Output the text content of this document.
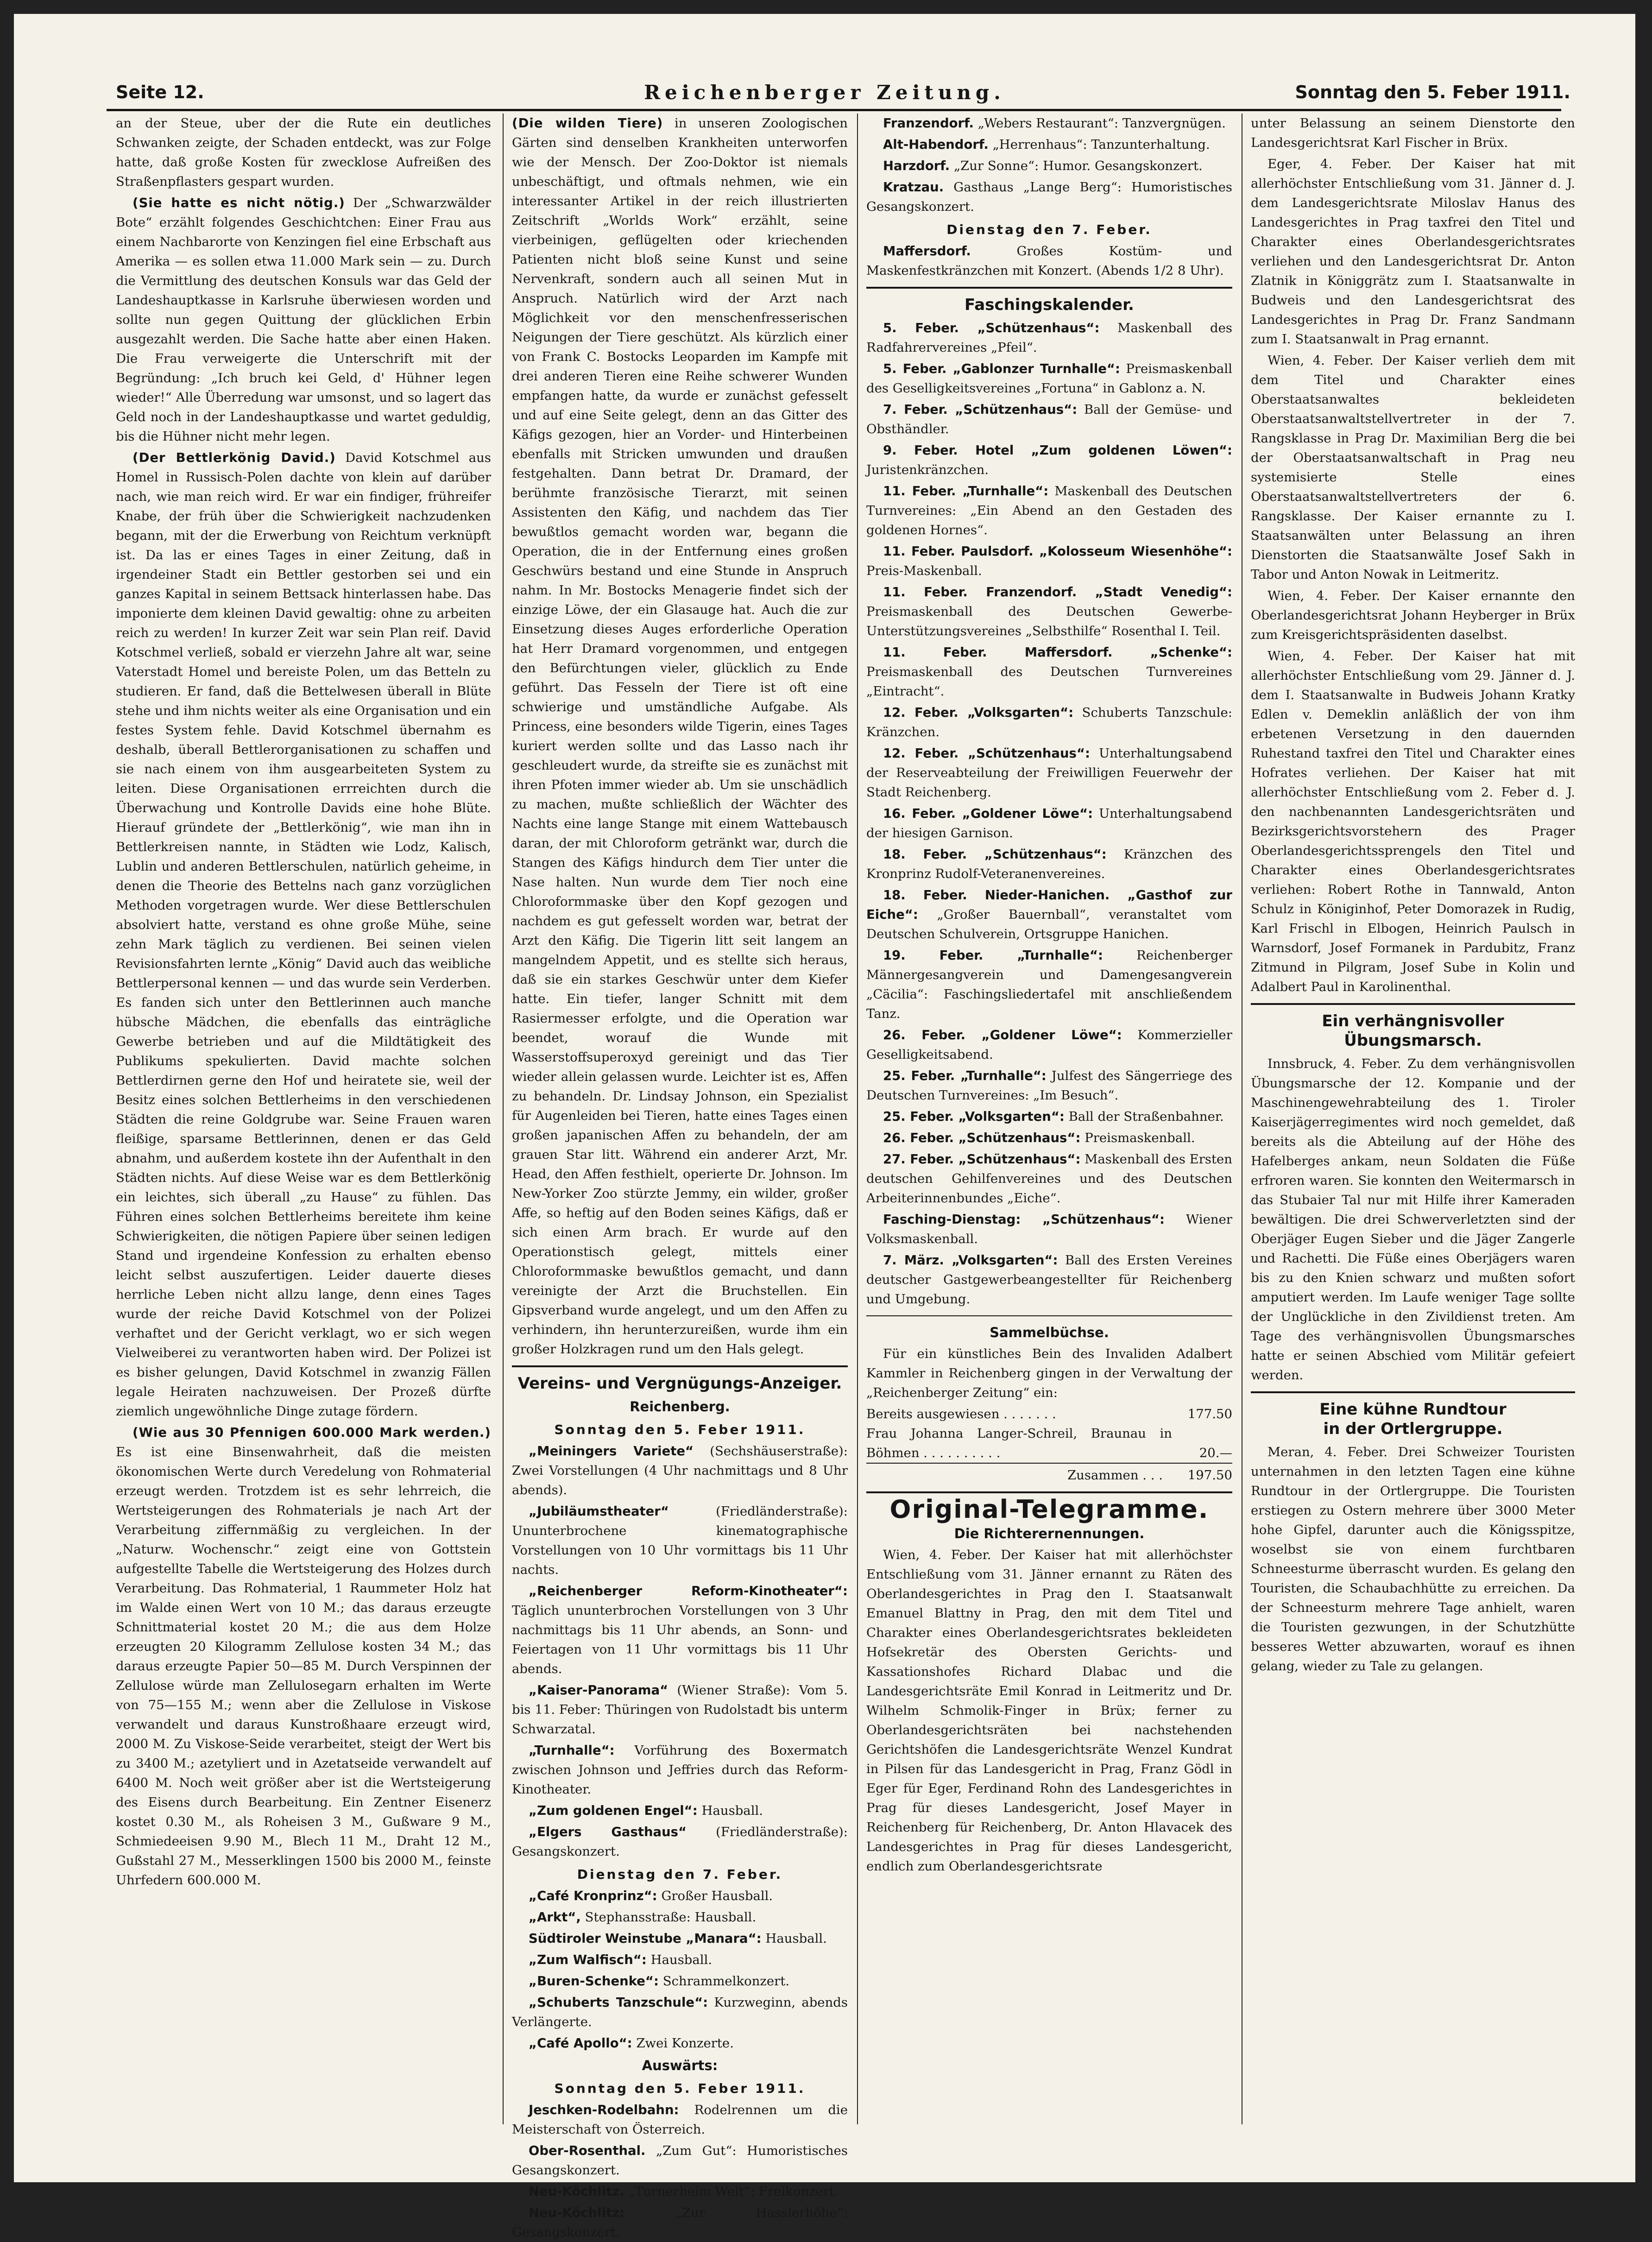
Seite 12.	Reichenberger Zeitung.	Sonntag den 5. Feber 1911.

an der Steue, uber der die Rute ein deutliches Schwanken zeigte, der Schaden entdeckt, was zur Folge hatte, daß große Kosten für zwecklose Aufreißen des Straßenpflasters gespart wurden.

(Sie hatte es nicht nötig.) Der „Schwarzwälder Bote“ erzählt folgendes Geschichtchen: Einer Frau aus einem Nachbarorte von Kenzingen fiel eine Erbschaft aus Amerika — es sollen etwa 11.000 Mark sein — zu. Durch die Vermittlung des deutschen Konsuls war das Geld der Landeshauptkasse in Karlsruhe überwiesen worden und sollte nun gegen Quittung der glücklichen Erbin ausgezahlt werden. Die Sache hatte aber einen Haken. Die Frau verweigerte die Unterschrift mit der Begründung: „Ich bruch kei Geld, d' Hühner legen wieder!“ Alle Überredung war umsonst, und so lagert das Geld noch in der Landeshauptkasse und wartet geduldig, bis die Hühner nicht mehr legen.

(Der Bettlerkönig David.) David Kotschmel aus Homel in Russisch-Polen dachte von klein auf darüber nach, wie man reich wird. Er war ein findiger, frühreifer Knabe, der früh über die Schwierigkeit nachzudenken begann, mit der die Erwerbung von Reichtum verknüpft ist. Da las er eines Tages in einer Zeitung, daß in irgendeiner Stadt ein Bettler gestorben sei und ein ganzes Kapital in seinem Bettsack hinterlassen habe. Das imponierte dem kleinen David gewaltig: ohne zu arbeiten reich zu werden! In kurzer Zeit war sein Plan reif. David Kotschmel verließ, sobald er vierzehn Jahre alt war, seine Vaterstadt Homel und bereiste Polen, um das Betteln zu studieren. Er fand, daß die Bettelwesen überall in Blüte stehe und ihm nichts weiter als eine Organisation und ein festes System fehle. David Kotschmel übernahm es deshalb, überall Bettlerorganisationen zu schaffen und sie nach einem von ihm ausgearbeiteten System zu leiten. Diese Organisationen errreichten durch die Überwachung und Kontrolle Davids eine hohe Blüte. Hierauf gründete der „Bettlerkönig“, wie man ihn in Bettlerkreisen nannte, in Städten wie Lodz, Kalisch, Lublin und anderen Bettlerschulen, natürlich geheime, in denen die Theorie des Bettelns nach ganz vorzüglichen Methoden vorgetragen wurde. Wer diese Bettlerschulen absolviert hatte, verstand es ohne große Mühe, seine zehn Mark täglich zu verdienen. Bei seinen vielen Revisionsfahrten lernte „König“ David auch das weibliche Bettlerpersonal kennen — und das wurde sein Verderben. Es fanden sich unter den Bettlerinnen auch manche hübsche Mädchen, die ebenfalls das einträgliche Gewerbe betrieben und auf die Mildtätigkeit des Publikums spekulierten. David machte solchen Bettlerdirnen gerne den Hof und heiratete sie, weil der Besitz eines solchen Bettlerheims in den verschiedenen Städten die reine Goldgrube war. Seine Frauen waren fleißige, sparsame Bettlerinnen, denen er das Geld abnahm, und außerdem kostete ihn der Aufenthalt in den Städten nichts. Auf diese Weise war es dem Bettlerkönig ein leichtes, sich überall „zu Hause“ zu fühlen. Das Führen eines solchen Bettlerheims bereitete ihm keine Schwierigkeiten, die nötigen Papiere über seinen ledigen Stand und irgendeine Konfession zu erhalten ebenso leicht selbst auszufertigen. Leider dauerte dieses herrliche Leben nicht allzu lange, denn eines Tages wurde der reiche David Kotschmel von der Polizei verhaftet und der Gericht verklagt, wo er sich wegen Vielweiberei zu verantworten haben wird. Der Polizei ist es bisher gelungen, David Kotschmel in zwanzig Fällen legale Heiraten nachzuweisen. Der Prozeß dürfte ziemlich ungewöhnliche Dinge zutage fördern.

(Wie aus 30 Pfennigen 600.000 Mark werden.) Es ist eine Binsenwahrheit, daß die meisten ökonomischen Werte durch Veredelung von Rohmaterial erzeugt werden. Trotzdem ist es sehr lehrreich, die Wertsteigerungen des Rohmaterials je nach Art der Verarbeitung ziffernmäßig zu vergleichen. In der „Naturw. Wochenschr.“ zeigt eine von Gottstein aufgestellte Tabelle die Wertsteigerung des Holzes durch Verarbeitung. Das Rohmaterial, 1 Raummeter Holz hat im Walde einen Wert von 10 M.; das daraus erzeugte Schnittmaterial kostet 20 M.; die aus dem Holze erzeugten 20 Kilogramm Zellulose kosten 34 M.; das daraus erzeugte Papier 50—85 M. Durch Verspinnen der Zellulose würde man Zellulosegarn erhalten im Werte von 75—155 M.; wenn aber die Zellulose in Viskose verwandelt und daraus Kunstroßhaare erzeugt wird, 2000 M. Zu Viskose-Seide verarbeitet, steigt der Wert bis zu 3400 M.; azetyliert und in Azetatseide verwandelt auf 6400 M. Noch weit größer aber ist die Wertsteigerung des Eisens durch Bearbeitung. Ein Zentner Eisenerz kostet 0.30 M., als Roheisen 3 M., Gußware 9 M., Schmiedeeisen 9.90 M., Blech 11 M., Draht 12 M., Gußstahl 27 M., Messerklingen 1500 bis 2000 M., feinste Uhrfedern 600.000 M.

(Die wilden Tiere) in unseren Zoologischen Gärten sind denselben Krankheiten unterworfen wie der Mensch. Der Zoo-Doktor ist niemals unbeschäftigt, und oftmals nehmen, wie ein interessanter Artikel in der reich illustrierten Zeitschrift „Worlds Work“ erzählt, seine vierbeinigen, geflügelten oder kriechenden Patienten nicht bloß seine Kunst und seine Nervenkraft, sondern auch all seinen Mut in Anspruch. Natürlich wird der Arzt nach Möglichkeit vor den menschenfresserischen Neigungen der Tiere geschützt. Als kürzlich einer von Frank C. Bostocks Leoparden im Kampfe mit drei anderen Tieren eine Reihe schwerer Wunden empfangen hatte, da wurde er zunächst gefesselt und auf eine Seite gelegt, denn an das Gitter des Käfigs gezogen, hier an Vorder- und Hinterbeinen ebenfalls mit Stricken umwunden und draußen festgehalten. Dann betrat Dr. Dramard, der berühmte französische Tierarzt, mit seinen Assistenten den Käfig, und nachdem das Tier bewußtlos gemacht worden war, begann die Operation, die in der Entfernung eines großen Geschwürs bestand und eine Stunde in Anspruch nahm. In Mr. Bostocks Menagerie findet sich der einzige Löwe, der ein Glasauge hat. Auch die zur Einsetzung dieses Auges erforderliche Operation hat Herr Dramard vorgenommen, und entgegen den Befürchtungen vieler, glücklich zu Ende geführt. Das Fesseln der Tiere ist oft eine schwierige und umständliche Aufgabe. Als Princess, eine besonders wilde Tigerin, eines Tages kuriert werden sollte und das Lasso nach ihr geschleudert wurde, da streifte sie es zunächst mit ihren Pfoten immer wieder ab. Um sie unschädlich zu machen, mußte schließlich der Wächter des Nachts eine lange Stange mit einem Wattebausch daran, der mit Chloroform getränkt war, durch die Stangen des Käfigs hindurch dem Tier unter die Nase halten. Nun wurde dem Tier noch eine Chloroformmaske über den Kopf gezogen und nachdem es gut gefesselt worden war, betrat der Arzt den Käfig. Die Tigerin litt seit langem an mangelndem Appetit, und es stellte sich heraus, daß sie ein starkes Geschwür unter dem Kiefer hatte. Ein tiefer, langer Schnitt mit dem Rasiermesser erfolgte, und die Operation war beendet, worauf die Wunde mit Wasserstoffsuperoxyd gereinigt und das Tier wieder allein gelassen wurde. Leichter ist es, Affen zu behandeln. Dr. Lindsay Johnson, ein Spezialist für Augenleiden bei Tieren, hatte eines Tages einen großen japanischen Affen zu behandeln, der am grauen Star litt. Während ein anderer Arzt, Mr. Head, den Affen festhielt, operierte Dr. Johnson. Im New-Yorker Zoo stürzte Jemmy, ein wilder, großer Affe, so heftig auf den Boden seines Käfigs, daß er sich einen Arm brach. Er wurde auf den Operationstisch gelegt, mittels einer Chloroformmaske bewußtlos gemacht, und dann vereinigte der Arzt die Bruchstellen. Ein Gipsverband wurde angelegt, und um den Affen zu verhindern, ihn herunterzureißen, wurde ihm ein großer Holzkragen rund um den Hals gelegt.

Vereins- und Vergnügungs-Anzeiger.
Reichenberg.
Sonntag den 5. Feber 1911.

„Meiningers Variete“ (Sechshäuserstraße): Zwei Vorstellungen (4 Uhr nachmittags und 8 Uhr abends).

„Jubiläumstheater“	(Friedländerstraße): Ununterbrochene kinematographische Vorstellungen von 10 Uhr vormittags bis 11 Uhr nachts.

„Reichenberger Reform-Kinotheater“: Täglich ununterbrochen Vorstellungen von 3 Uhr nachmittags bis 11 Uhr abends, an Sonn- und Feiertagen von 11 Uhr vormittags bis 11 Uhr abends.

„Kaiser-Panorama“ (Wiener Straße): Vom 5. bis 11. Feber: Thüringen von Rudolstadt bis unterm Schwarzatal.

„Turnhalle“: Vorführung des Boxermatch zwischen Johnson und Jeffries durch das Reform-Kinotheater.

„Zum goldenen Engel“: Hausball.

„Elgers Gasthaus“ (Friedländerstraße): Gesangskonzert.

Dienstag den 7. Feber.

„Café Kronprinz“: Großer Hausball.

„Arkt“, Stephansstraße: Hausball.

Südtiroler Weinstube „Manara“: Hausball.

„Zum Walfisch“: Hausball.

„Buren-Schenke“: Schrammelkonzert.

„Schuberts Tanzschule“: Kurzweginn, abends Verlängerte.

„Café Apollo“: Zwei Konzerte.

Auswärts:
Sonntag den 5. Feber 1911.

Jeschken-Rodelbahn: Rodelrennen um die Meisterschaft von Österreich.

Ober-Rosenthal. „Zum Gut“: Humoristisches Gesangskonzert.

Neu-Köchlitz. „Turnerheim Welt“: Freikonzert.

Neu-Köchlitz:	„Zur Hasslerhöhe“: Gesangskonzert.

Franzendorf. „Webers Restaurant“: Tanzvergnügen.

Alt-Habendorf. „Herrenhaus“: Tanzunterhaltung.

Harzdorf. „Zur Sonne“: Humor. Gesangskonzert.

Kratzau. Gasthaus „Lange Berg“: Humoristisches Gesangskonzert.

Dienstag den 7. Feber.

Maffersdorf.	Großes Kostüm- und Maskenfestkränzchen mit Konzert. (Abends 1/2 8 Uhr).

Faschingskalender.

5. Feber. „Schützenhaus“: Maskenball des Radfahrervereines „Pfeil“.

5. Feber. „Gablonzer Turnhalle“: Preismaskenball des Geselligkeitsvereines „Fortuna“ in Gablonz a. N.

7. Feber. „Schützenhaus“: Ball der Gemüse- und Obsthändler.

9. Feber. Hotel „Zum goldenen Löwen“: Juristenkränzchen.

11. Feber. „Turnhalle“: Maskenball des Deutschen Turnvereines: „Ein Abend an den Gestaden des goldenen Hornes“.

11. Feber. Paulsdorf. „Kolosseum Wiesenhöhe“: Preis-Maskenball.

11. Feber. Franzendorf. „Stadt Venedig“: Preismaskenball des Deutschen Gewerbe- Unterstützungsvereines „Selbsthilfe“ Rosenthal I. Teil.

11. Feber. Maffersdorf. „Schenke“: Preismaskenball des Deutschen Turnvereines „Eintracht“.

12. Feber. „Volksgarten“: Schuberts Tanzschule: Kränzchen.

12. Feber. „Schützenhaus“: Unterhaltungsabend der Reserveabteilung der Freiwilligen Feuerwehr der Stadt Reichenberg.

16. Feber. „Goldener Löwe“: Unterhaltungsabend der hiesigen Garnison.

18. Feber. „Schützenhaus“: Kränzchen des Kronprinz Rudolf-Veteranenvereines.

18. Feber. Nieder-Hanichen. „Gasthof zur Eiche“: „Großer Bauernball“, veranstaltet vom Deutschen Schulverein, Ortsgruppe Hanichen.

19. Feber. „Turnhalle“:	Reichenberger Männergesangverein und Damengesangverein „Cäcilia“: Faschingsliedertafel mit anschließendem Tanz.

26. Feber. „Goldener Löwe“: Kommerzieller Geselligkeitsabend.

25. Feber. „Turnhalle“: Julfest des Sängerriege des Deutschen Turnvereines: „Im Besuch“.

25. Feber. „Volksgarten“: Ball der Straßenbahner.

26. Feber. „Schützenhaus“: Preismaskenball.

27. Feber. „Schützenhaus“: Maskenball des Ersten deutschen Gehilfenvereines und des Deutschen Arbeiterinnenbundes „Eiche“.

Fasching-Dienstag: „Schützenhaus“: Wiener Volksmaskenball.

7. März. „Volksgarten“: Ball des Ersten Vereines deutscher Gastgewerbeangestellter für Reichenberg und Umgebung.

Sammelbüchse.

Für ein künstliches Bein des Invaliden Adalbert Kammler in Reichenberg gingen in der Verwaltung der „Reichenberger Zeitung“ ein:

Bereits ausgewiesen . . . . . . .	177.50
Frau Johanna Langer-Schreil, Braunau in Böhmen . . . . . . . . . .	20.—
Zusammen . . .	197.50
Original-Telegramme.
Die Richterernennungen.

Wien, 4. Feber. Der Kaiser hat mit allerhöchster Entschließung vom 31. Jänner ernannt zu Räten des Oberlandesgerichtes in Prag den I. Staatsanwalt Emanuel Blattny in Prag, den mit dem Titel und Charakter eines Oberlandesgerichtsrates bekleideten Hofsekretär des Obersten Gerichts- und Kassationshofes Richard Dlabac und die Landesgerichtsräte Emil Konrad in Leitmeritz und Dr. Wilhelm Schmolik-Finger in Brüx; ferner zu Oberlandesgerichtsräten bei nachstehenden Gerichtshöfen die Landesgerichtsräte Wenzel Kundrat in Pilsen für das Landesgericht in Prag, Franz Gödl in Eger für Eger, Ferdinand Rohn des Landesgerichtes in Prag für dieses Landesgericht, Josef Mayer in Reichenberg für Reichenberg, Dr. Anton Hlavacek des Landesgerichtes in Prag für dieses Landesgericht, endlich zum Oberlandesgerichtsrate

unter Belassung an seinem Dienstorte den Landesgerichtsrat Karl Fischer in Brüx.

Eger, 4. Feber. Der Kaiser hat mit allerhöchster Entschließung vom 31. Jänner d. J. dem Landesgerichtsrate Miloslav Hanus des Landesgerichtes in Prag taxfrei den Titel und Charakter eines Oberlandesgerichtsrates verliehen und den Landesgerichtsrat Dr. Anton Zlatnik in Königgrätz zum I. Staatsanwalte in Budweis und den Landesgerichtsrat des Landesgerichtes in Prag Dr. Franz Sandmann zum I. Staatsanwalt in Prag ernannt.

Wien, 4. Feber. Der Kaiser verlieh dem mit dem Titel und Charakter eines Oberstaatsanwaltes bekleideten Oberstaatsanwaltstellvertreter in der 7. Rangsklasse in Prag Dr. Maximilian Berg die bei der Oberstaatsanwaltschaft in Prag neu systemisierte Stelle eines Oberstaatsanwaltstellvertreters der 6. Rangsklasse. Der Kaiser ernannte zu I. Staatsanwälten unter Belassung an ihren Dienstorten die Staatsanwälte Josef Sakh in Tabor und Anton Nowak in Leitmeritz.

Wien, 4. Feber. Der Kaiser ernannte den Oberlandesgerichtsrat Johann Heyberger in Brüx zum Kreisgerichtspräsidenten daselbst.

Wien, 4. Feber. Der Kaiser hat mit allerhöchster Entschließung vom 29. Jänner d. J. dem I. Staatsanwalte in Budweis Johann Kratky Edlen v. Demeklin anläßlich der von ihm erbetenen Versetzung in den dauernden Ruhestand taxfrei den Titel und Charakter eines Hofrates verliehen. Der Kaiser hat mit allerhöchster Entschließung vom 2. Feber d. J. den nachbenannten Landesgerichtsräten und Bezirksgerichtsvorstehern des Prager Oberlandesgerichtssprengels den Titel und Charakter eines Oberlandesgerichtsrates verliehen: Robert Rothe in Tannwald, Anton Schulz in Königinhof, Peter Domorazek in Rudig, Karl Frischl in Elbogen, Heinrich Paulsch in Warnsdorf, Josef Formanek in Pardubitz, Franz Zitmund in Pilgram, Josef Sube in Kolin und Adalbert Paul in Karolinenthal.

Ein verhängnisvoller Übungsmarsch.

Innsbruck, 4. Feber. Zu dem verhängnisvollen Übungsmarsche der 12. Kompanie und der Maschinengewehrabteilung des 1. Tiroler Kaiserjägerregimentes wird noch gemeldet, daß bereits als die Abteilung auf der Höhe des Hafelberges ankam, neun Soldaten die Füße erfroren waren. Sie konnten den Weitermarsch in das Stubaier Tal nur mit Hilfe ihrer Kameraden bewältigen. Die drei Schwerverletzten sind der Oberjäger Eugen Sieber und die Jäger Zangerle und Rachetti. Die Füße eines Oberjägers waren bis zu den Knien schwarz und mußten sofort amputiert werden. Im Laufe weniger Tage sollte der Unglückliche in den Zivildienst treten. Am Tage des verhängnisvollen Übungsmarsches hatte er seinen Abschied vom Militär gefeiert werden.

Eine kühne Rundtour
in der Ortlergruppe.

Meran, 4. Feber. Drei Schweizer Touristen unternahmen in den letzten Tagen eine kühne Rundtour in der Ortlergruppe. Die Touristen erstiegen zu Ostern mehrere über 3000 Meter hohe Gipfel, darunter auch die Königsspitze, woselbst sie von einem furchtbaren Schneesturme überrascht wurden. Es gelang den Touristen, die Schaubachhütte zu erreichen. Da der Schneesturm mehrere Tage anhielt, waren die Touristen gezwungen, in der Schutzhütte besseres Wetter abzuwarten, worauf es ihnen gelang, wieder zu Tale zu gelangen.
